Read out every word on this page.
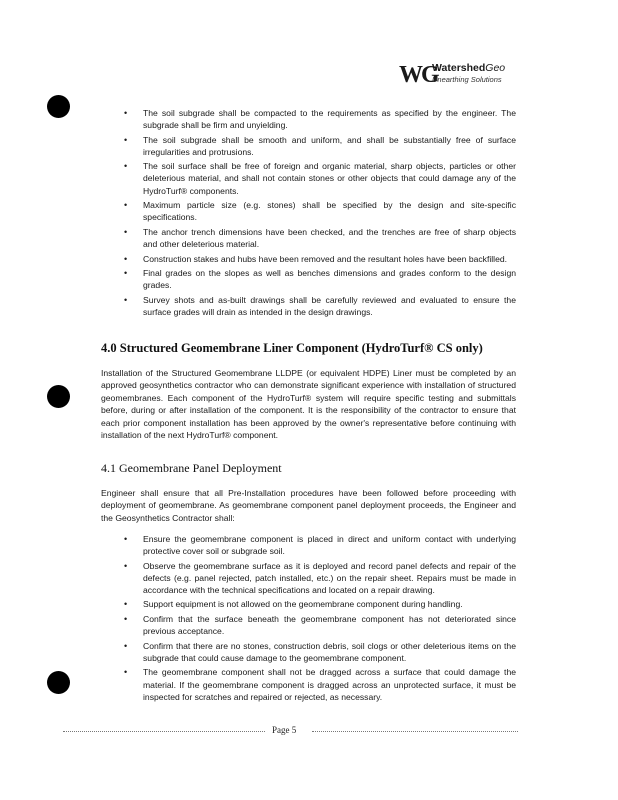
WG
WatershedGeo
Unearthing Solutions
• The soil subgrade shall be compacted to the requirements as specified by the engineer. The subgrade shall be firm and unyielding.
• The soil subgrade shall be smooth and uniform, and shall be substantially free of surface irregularities and protrusions.
• The soil surface shall be free of foreign and organic material, sharp objects, particles or other deleterious material, and shall not contain stones or other objects that could damage any of the HydroTurf® components.
• Maximum particle size (e.g. stones) shall be specified by the design and site-specific specifications.
• The anchor trench dimensions have been checked, and the trenches are free of sharp objects and other deleterious material.
• Construction stakes and hubs have been removed and the resultant holes have been backfilled.
• Final grades on the slopes as well as benches dimensions and grades conform to the design grades.
• Survey shots and as-built drawings shall be carefully reviewed and evaluated to ensure the surface grades will drain as intended in the design drawings.
4.0 Structured Geomembrane Liner Component (HydroTurf® CS only)
Installation of the Structured Geomembrane LLDPE (or equivalent HDPE) Liner must be completed by an approved geosynthetics contractor who can demonstrate significant experience with installation of structured geomembranes. Each component of the HydroTurf® system will require specific testing and submittals before, during or after installation of the component. It is the responsibility of the contractor to ensure that each prior component installation has been approved by the owner's representative before continuing with installation of the next HydroTurf® component.
4.1 Geomembrane Panel Deployment
Engineer shall ensure that all Pre-Installation procedures have been followed before proceeding with deployment of geomembrane. As geomembrane component panel deployment proceeds, the Engineer and the Geosynthetics Contractor shall:
• Ensure the geomembrane component is placed in direct and uniform contact with underlying protective cover soil or subgrade soil.
• Observe the geomembrane surface as it is deployed and record panel defects and repair of the defects (e.g. panel rejected, patch installed, etc.) on the repair sheet. Repairs must be made in accordance with the technical specifications and located on a repair drawing.
• Support equipment is not allowed on the geomembrane component during handling.
• Confirm that the surface beneath the geomembrane component has not deteriorated since previous acceptance.
• Confirm that there are no stones, construction debris, soil clogs or other deleterious items on the subgrade that could cause damage to the geomembrane component.
• The geomembrane component shall not be dragged across a surface that could damage the material. If the geomembrane component is dragged across an unprotected surface, it must be inspected for scratches and repaired or rejected, as necessary.
Page 5
